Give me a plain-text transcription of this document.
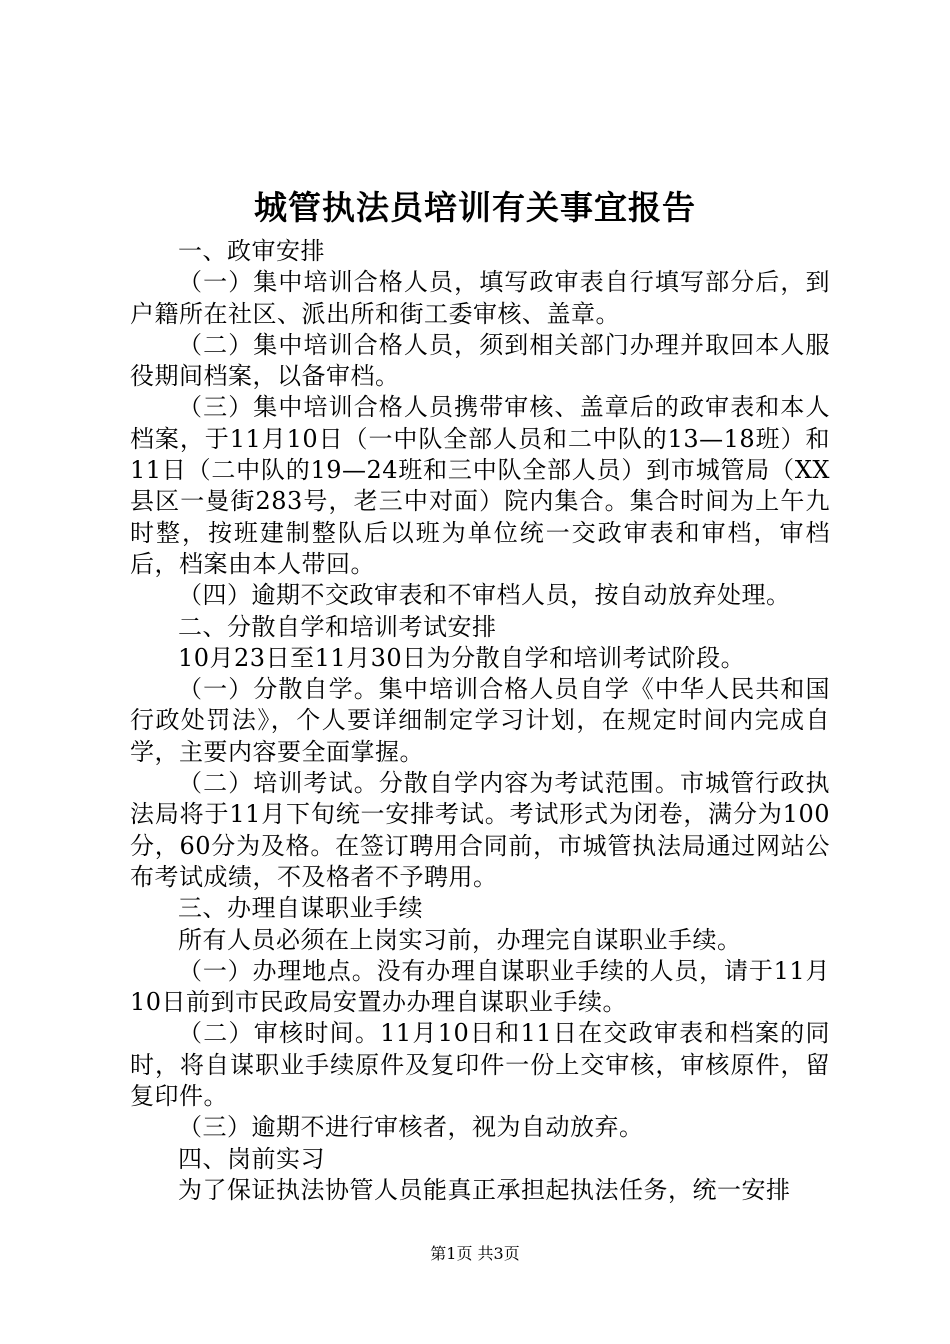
城管执法员培训有关事宜报告

一、政审安排

（一）集中培训合格人员，填写政审表自行填写部分后，到户籍所在社区、派出所和街工委审核、盖章。

（二）集中培训合格人员，须到相关部门办理并取回本人服役期间档案，以备审档。

（三）集中培训合格人员携带审核、盖章后的政审表和本人档案，于11月10日（一中队全部人员和二中队的13—18班）和11日（二中队的19—24班和三中队全部人员）到市城管局（XX县区一曼街283号，老三中对面）院内集合。集合时间为上午九时整，按班建制整队后以班为单位统一交政审表和审档，审档后，档案由本人带回。

（四）逾期不交政审表和不审档人员，按自动放弃处理。

二、分散自学和培训考试安排

10月23日至11月30日为分散自学和培训考试阶段。

（一）分散自学。集中培训合格人员自学《中华人民共和国行政处罚法》，个人要详细制定学习计划，在规定时间内完成自学，主要内容要全面掌握。

（二）培训考试。分散自学内容为考试范围。市城管行政执法局将于11月下旬统一安排考试。考试形式为闭卷，满分为100分，60分为及格。在签订聘用合同前，市城管执法局通过网站公布考试成绩，不及格者不予聘用。

三、办理自谋职业手续

所有人员必须在上岗实习前，办理完自谋职业手续。

（一）办理地点。没有办理自谋职业手续的人员，请于11月10日前到市民政局安置办办理自谋职业手续。

（二）审核时间。11月10日和11日在交政审表和档案的同时，将自谋职业手续原件及复印件一份上交审核，审核原件，留复印件。

（三）逾期不进行审核者，视为自动放弃。

四、岗前实习

为了保证执法协管人员能真正承担起执法任务，统一安排

第1页 共3页
